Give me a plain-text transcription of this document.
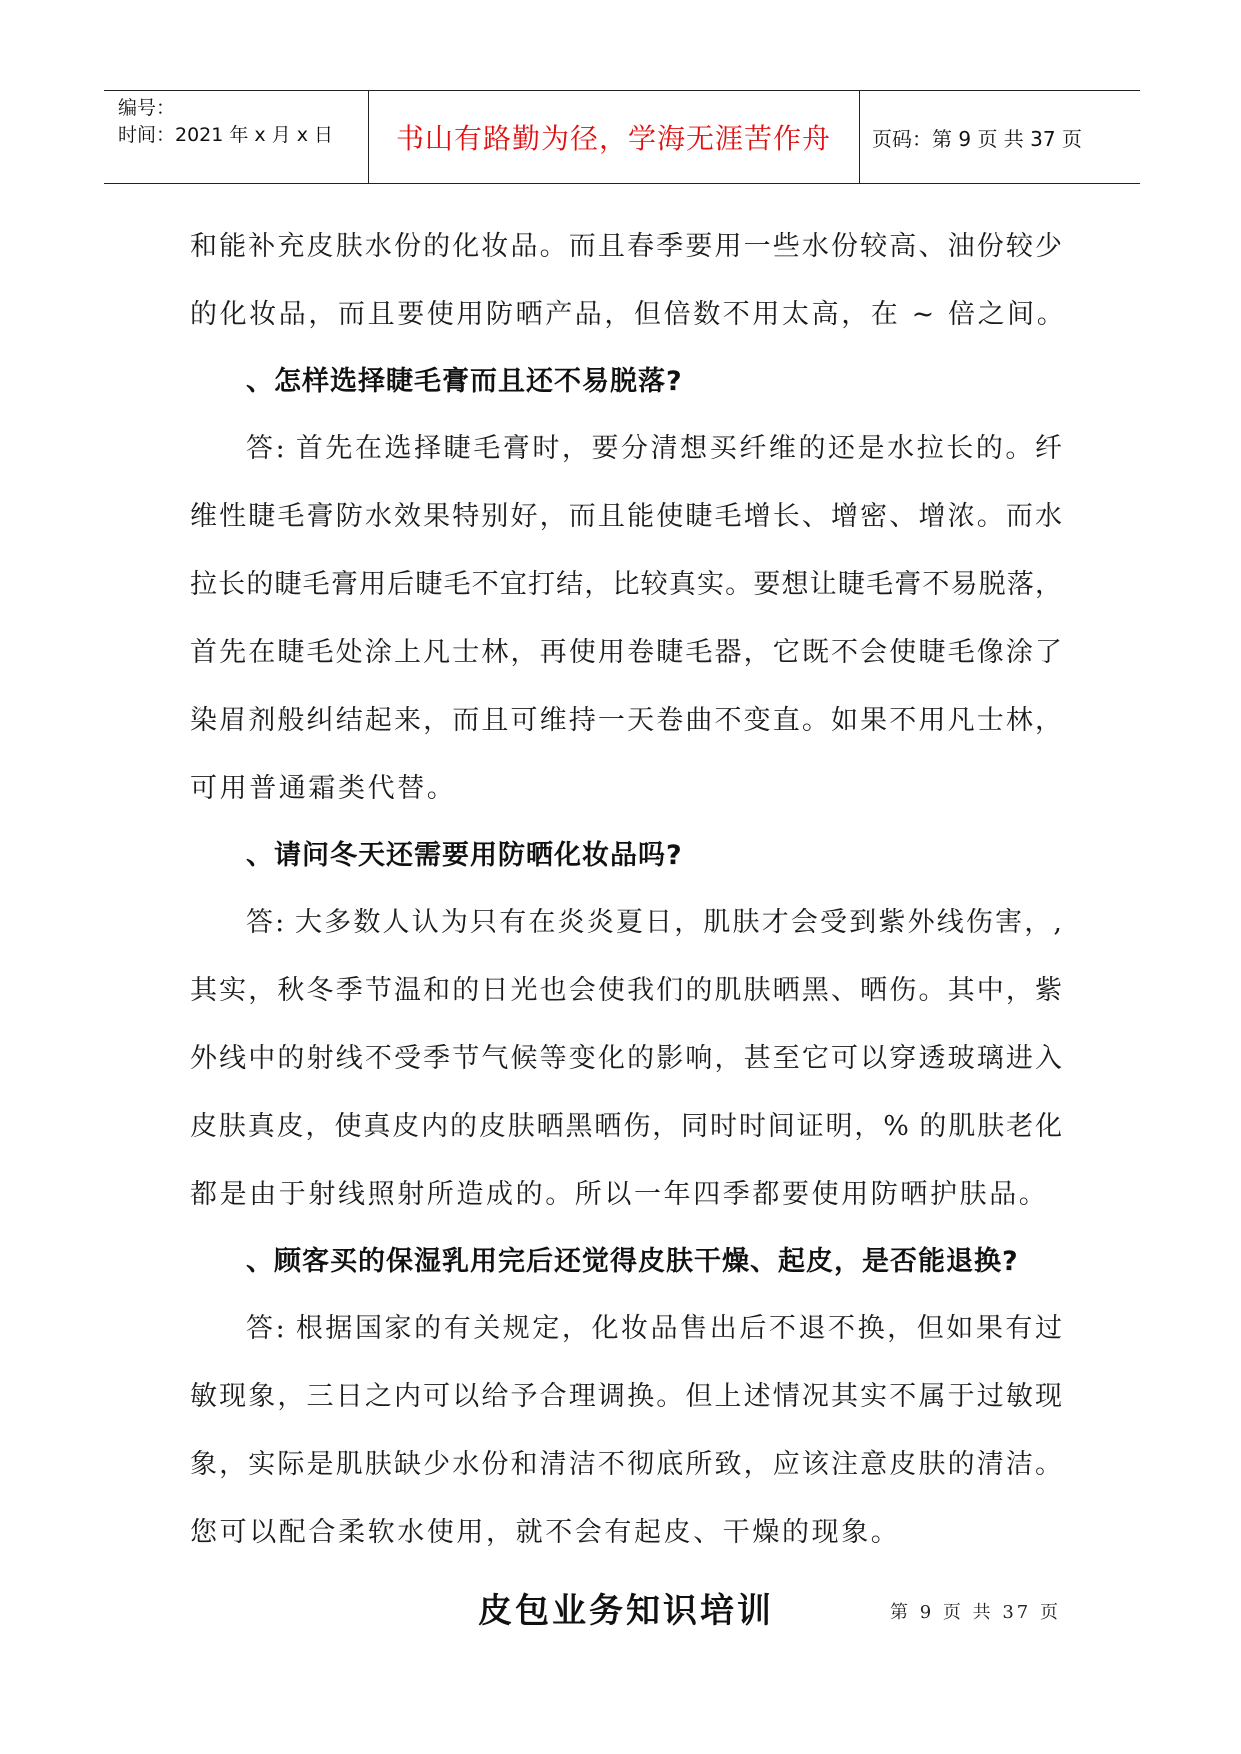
编号：
时间：2021 年 x 月 x 日	书山有路勤为径，学海无涯苦作舟	页码：第 9 页 共 37 页
和能补充皮肤水份的化妆品。而且春季要用一些水份较高、油份较少
的化妆品，而且要使用防晒产品，但倍数不用太高，在 ~ 倍之间。
、怎样选择睫毛膏而且还不易脱落?
答: 首先在选择睫毛膏时，要分清想买纤维的还是水拉长的。纤
维性睫毛膏防水效果特别好，而且能使睫毛增长、增密、增浓。而水
拉长的睫毛膏用后睫毛不宜打结，比较真实。要想让睫毛膏不易脱落，
首先在睫毛处涂上凡士林，再使用卷睫毛器，它既不会使睫毛像涂了
染眉剂般纠结起来，而且可维持一天卷曲不变直。如果不用凡士林，
可用普通霜类代替。
、请问冬天还需要用防晒化妆品吗?
答: 大多数人认为只有在炎炎夏日，肌肤才会受到紫外线伤害，,
其实，秋冬季节温和的日光也会使我们的肌肤晒黑、晒伤。其中，紫
外线中的射线不受季节气候等变化的影响，甚至它可以穿透玻璃进入
皮肤真皮，使真皮内的皮肤晒黑晒伤，同时时间证明，% 的肌肤老化
都是由于射线照射所造成的。所以一年四季都要使用防晒护肤品。
、顾客买的保湿乳用完后还觉得皮肤干燥、起皮，是否能退换?
答: 根据国家的有关规定，化妆品售出后不退不换，但如果有过
敏现象，三日之内可以给予合理调换。但上述情况其实不属于过敏现
象，实际是肌肤缺少水份和清洁不彻底所致，应该注意皮肤的清洁。
您可以配合柔软水使用，就不会有起皮、干燥的现象。
皮包业务知识培训	第 9 页 共 37 页
